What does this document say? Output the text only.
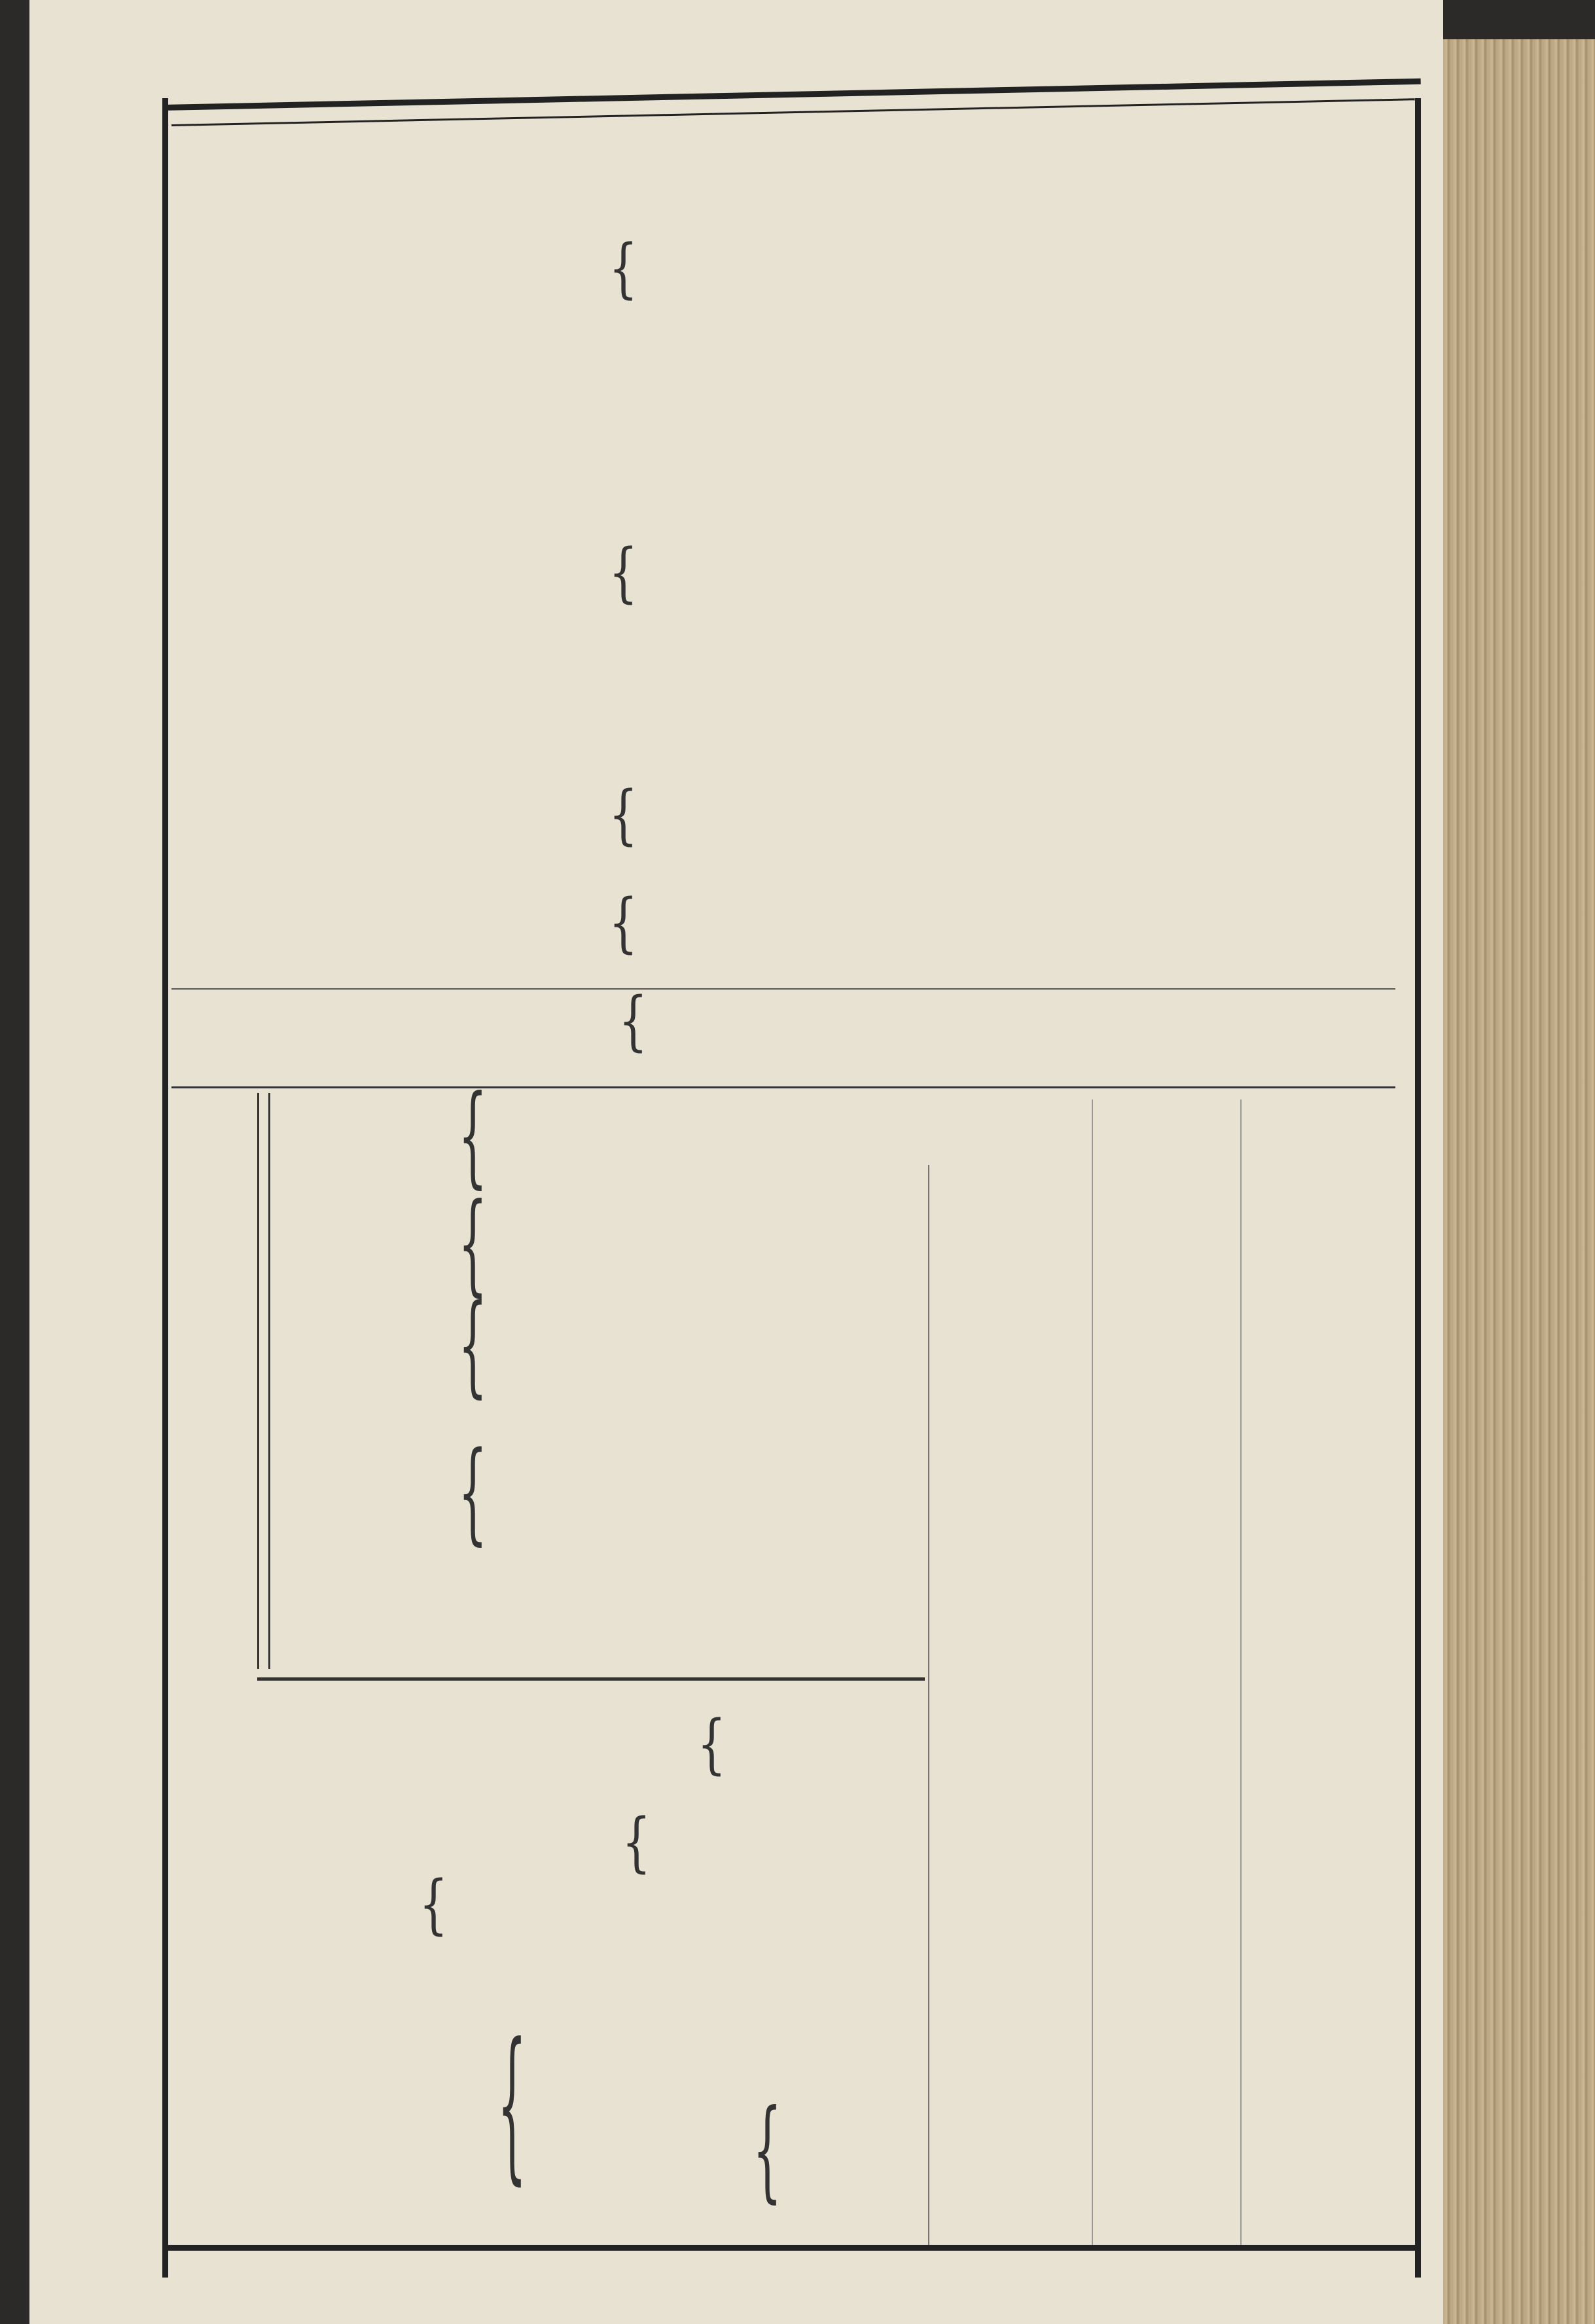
{
{
{
{
{
{
{
{
{
{
{
{
{	{
